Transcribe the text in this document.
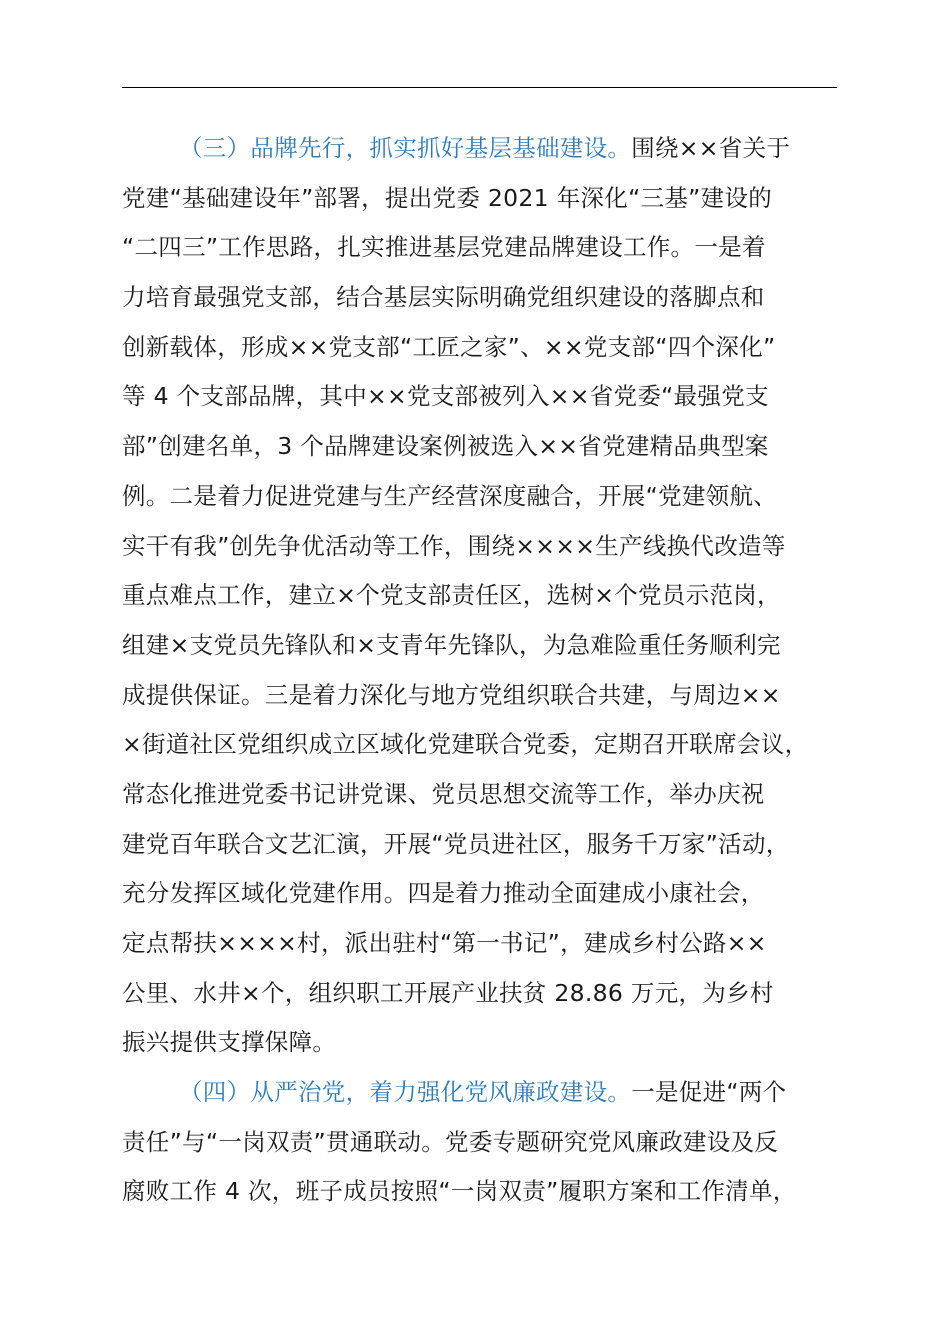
（三）品牌先行，抓实抓好基层基础建设。围绕××省关于
党建“基础建设年”部署，提出党委 2021 年深化“三基”建设的
“二四三”工作思路，扎实推进基层党建品牌建设工作。一是着
力培育最强党支部，结合基层实际明确党组织建设的落脚点和
创新载体，形成××党支部“工匠之家”、××党支部“四个深化”
等 4 个支部品牌，其中××党支部被列入××省党委“最强党支
部”创建名单，3 个品牌建设案例被选入××省党建精品典型案
例。二是着力促进党建与生产经营深度融合，开展“党建领航、
实干有我”创先争优活动等工作，围绕××××生产线换代改造等
重点难点工作，建立×个党支部责任区，选树×个党员示范岗，
组建×支党员先锋队和×支青年先锋队，为急难险重任务顺利完
成提供保证。三是着力深化与地方党组织联合共建，与周边××
×街道社区党组织成立区域化党建联合党委，定期召开联席会议，
常态化推进党委书记讲党课、党员思想交流等工作，举办庆祝
建党百年联合文艺汇演，开展“党员进社区，服务千万家”活动，
充分发挥区域化党建作用。四是着力推动全面建成小康社会，
定点帮扶××××村，派出驻村“第一书记”，建成乡村公路××
公里、水井×个，组织职工开展产业扶贫 28.86 万元，为乡村
振兴提供支撑保障。
（四）从严治党，着力强化党风廉政建设。一是促进“两个
责任”与“一岗双责”贯通联动。党委专题研究党风廉政建设及反
腐败工作 4 次，班子成员按照“一岗双责”履职方案和工作清单，
